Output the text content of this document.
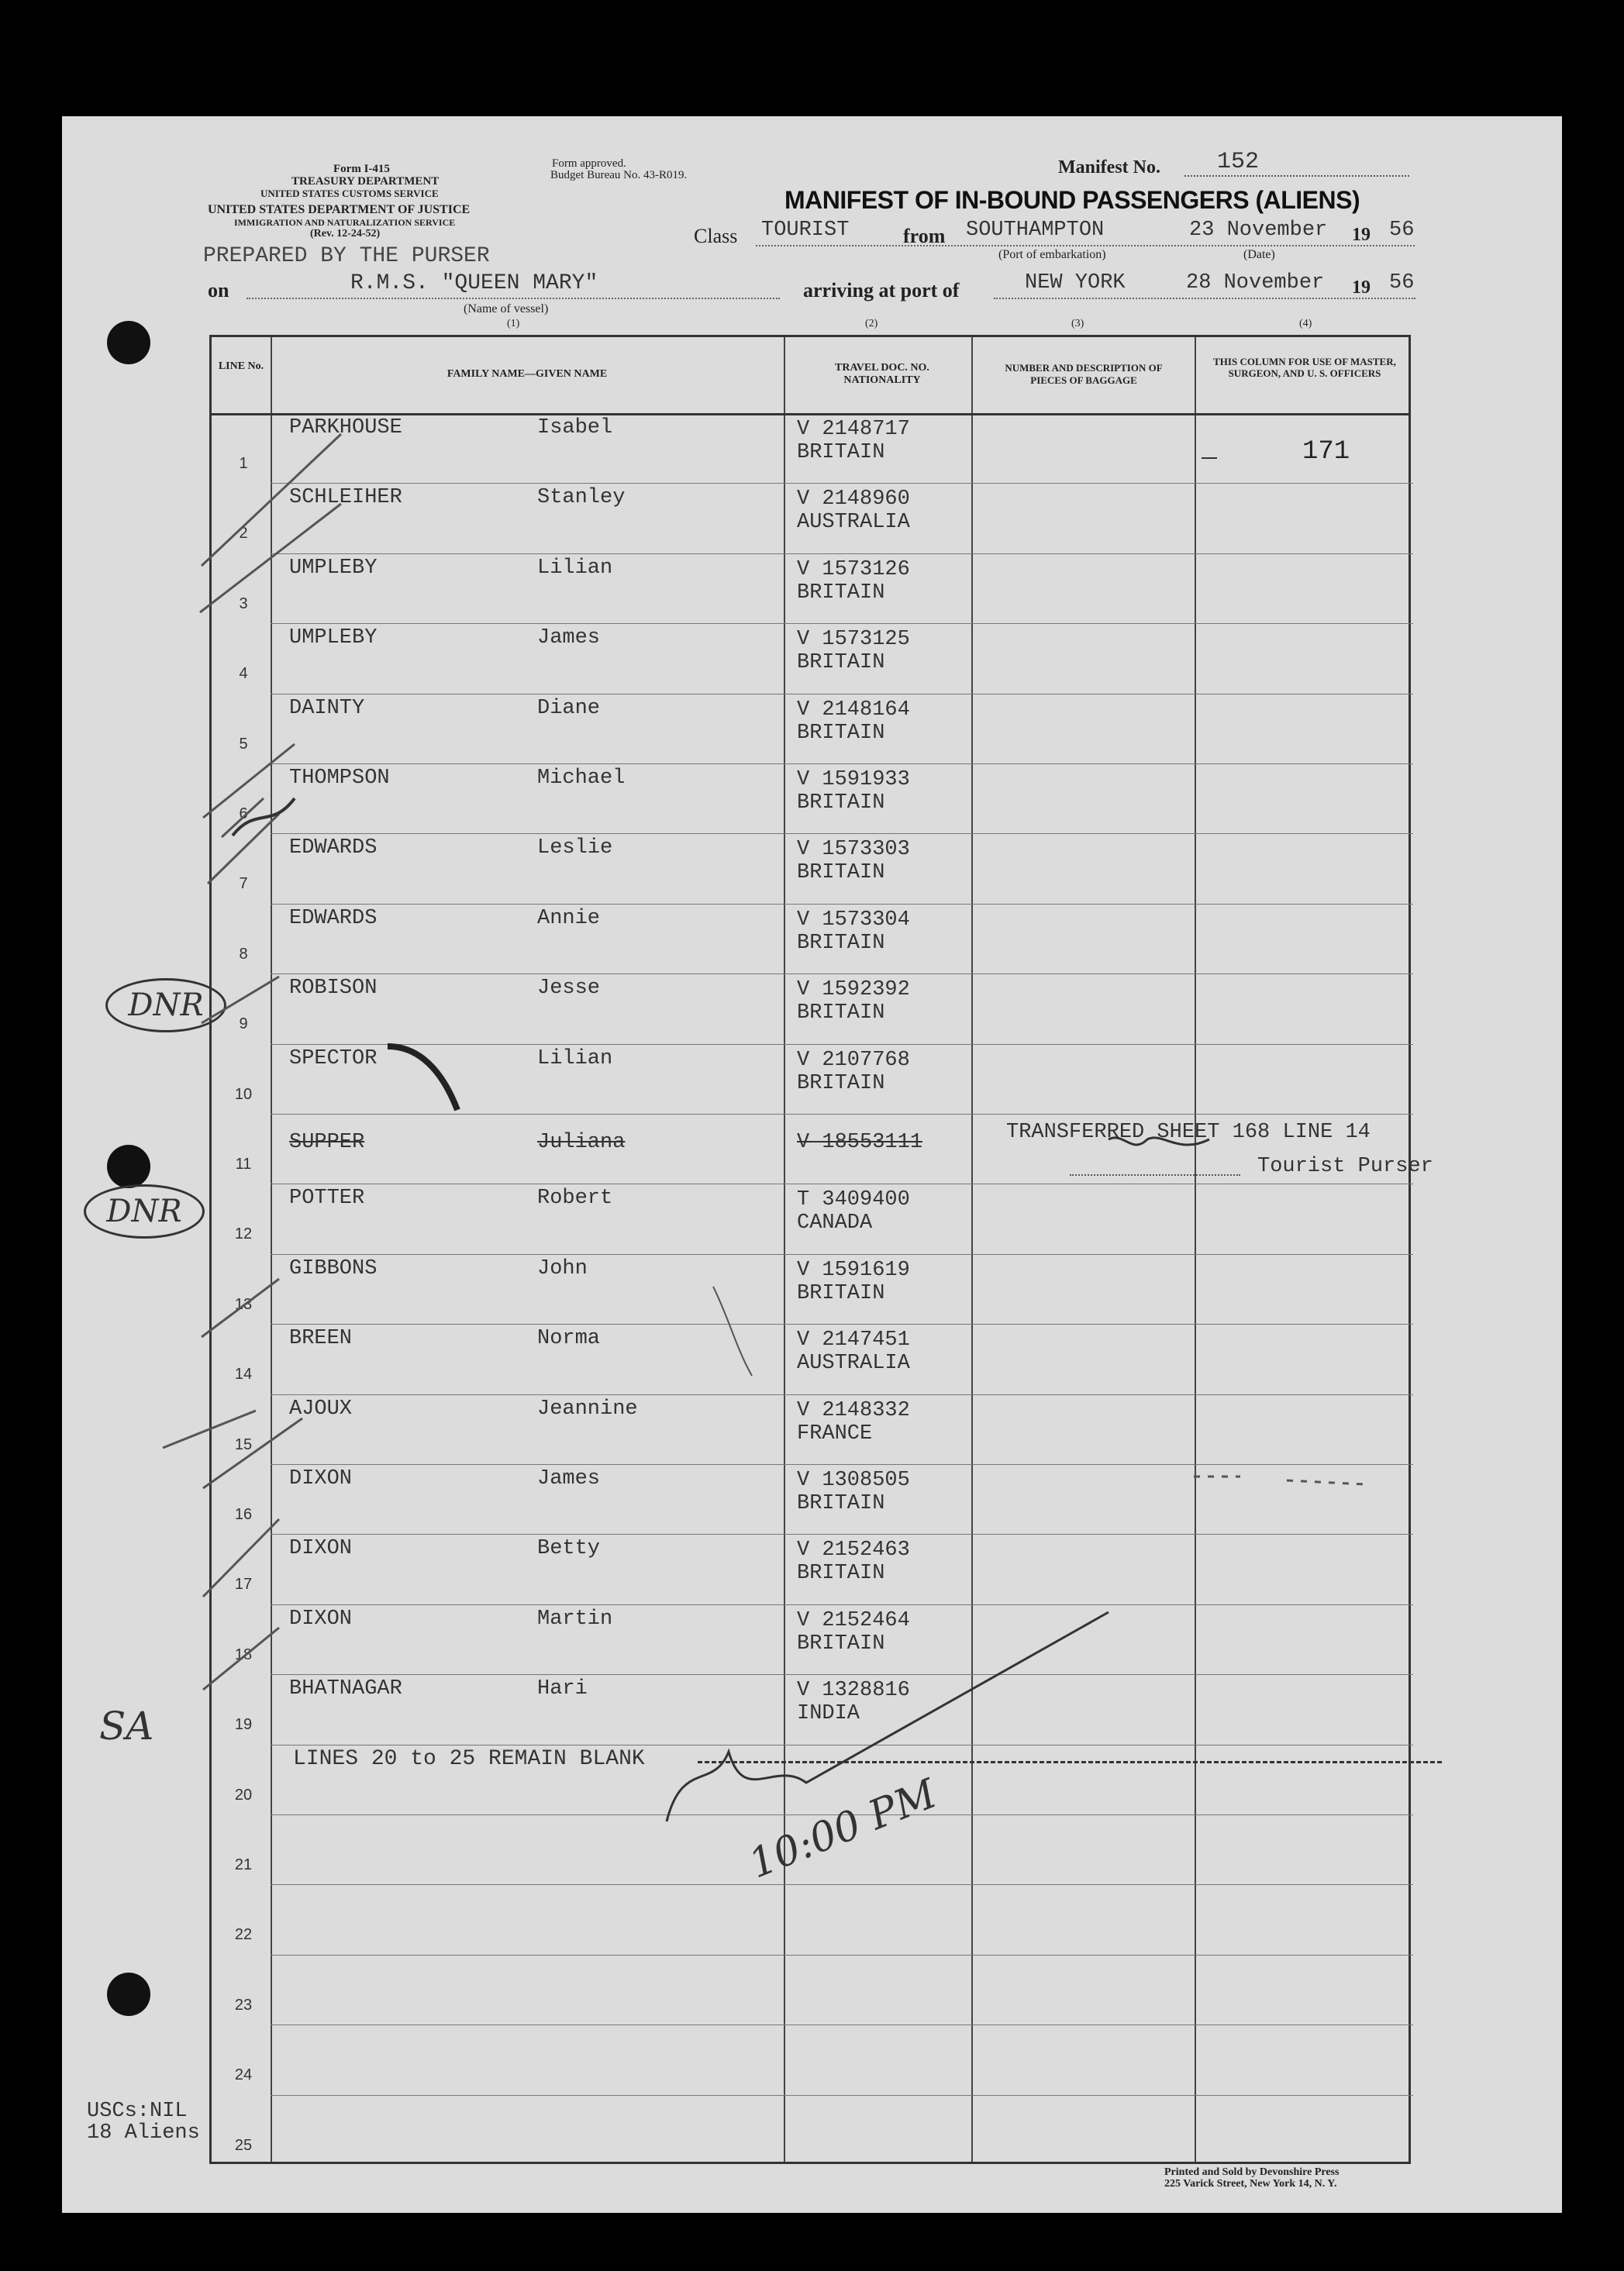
Form I-415
TREASURY DEPARTMENT
UNITED STATES CUSTOMS SERVICE
UNITED STATES DEPARTMENT OF JUSTICE
IMMIGRATION AND NATURALIZATION SERVICE
(Rev. 12-24-52)
Form approved.
Budget Bureau No. 43-R019.	Manifest No. 152
MANIFEST OF IN-BOUND PASSENGERS (ALIENS)
Class TOURIST	from SOUTHAMPTON	23 November 19 56
(Port of embarkation)	(Date)
PREPARED BY THE PURSER
on	R.M.S. "QUEEN MARY"
(Name of vessel)
(1)
arriving at port of	NEW YORK	28 November 19 56
(2)	(3)	(4)
LINE No.
FAMILY NAME—GIVEN NAME
TRAVEL DOC. NO. NATIONALITY
NUMBER AND DESCRIPTION OF PIECES OF BAGGAGE
THIS COLUMN FOR USE OF MASTER, SURGEON, AND U. S. OFFICERS
1
PARKHOUSE	Isabel	V 2148717
BRITAIN
2
SCHLEIHER	Stanley	V 2148960
AUSTRALIA
3
UMPLEBY	Lilian	V 1573126
BRITAIN
4
UMPLEBY	James	V 1573125
BRITAIN
5
DAINTY	Diane	V 2148164
BRITAIN
6
THOMPSON	Michael	V 1591933
BRITAIN
7
EDWARDS	Leslie	V 1573303
BRITAIN
8
EDWARDS	Annie	V 1573304
BRITAIN
9
ROBISON	Jesse	V 1592392
BRITAIN
10
SPECTOR	Lilian	V 2107768
BRITAIN
11
SUPPER	Juliana	V 18553111
12
POTTER	Robert	T 3409400
CANADA
13
GIBBONS	John	V 1591619
BRITAIN
14
BREEN	Norma	V 2147451
AUSTRALIA
15
AJOUX	Jeannine	V 2148332
FRANCE
16
DIXON	James	V 1308505
BRITAIN
17
DIXON	Betty	V 2152463
BRITAIN
18
DIXON	Martin	V 2152464
BRITAIN
19
BHATNAGAR	Hari	V 1328816
INDIA
20
21
22
23
24
25
171
TRANSFERRED SHEET 168 LINE 14
Tourist Purser
LINES 20 to 25 REMAIN BLANK
DNR
DNR
SA
10:00 PM
USCs:NIL
18 Aliens
Printed and Sold by Devonshire Press
225 Varick Street, New York 14, N. Y.
